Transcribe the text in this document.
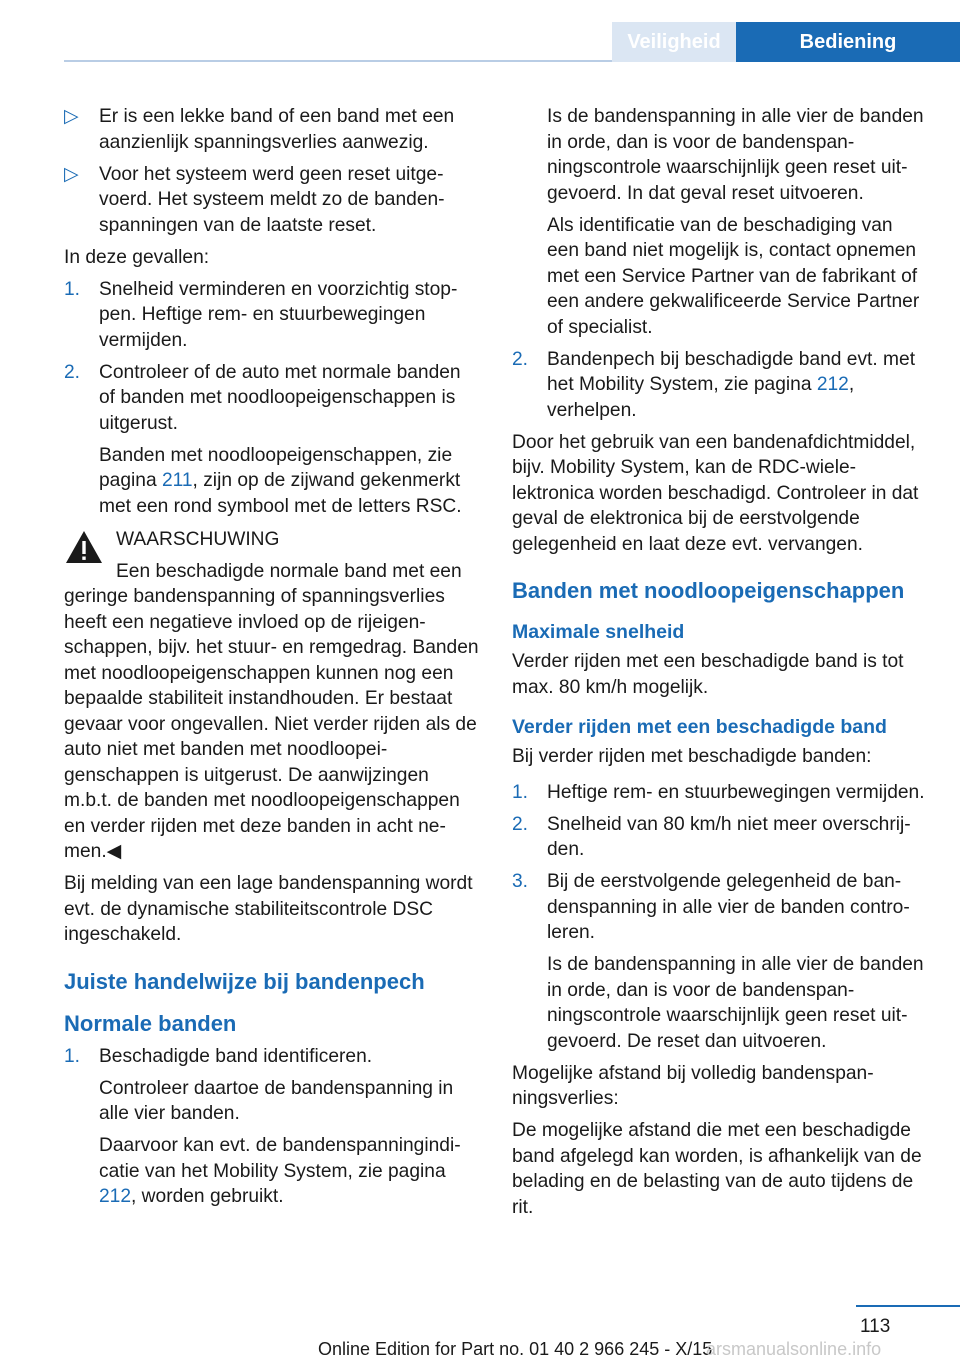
Veiligheid	Bediening
▷ Er is een lekke band of een band met een aanzienlijk spanningsverlies aanwezig.
▷ Voor het systeem werd geen reset uitgevoerd. Het systeem meldt zo de bandenspanningen van de laatste reset.

In deze gevallen:

1. Snelheid verminderen en voorzichtig stoppen. Heftige rem- en stuurbewegingen vermijden.
2. Controleer of de auto met normale banden of banden met noodloopeigenschappen is uitgerust.
Banden met noodloopeigenschappen, zie pagina 211, zijn op de zijwand gekenmerkt met een rond symbool met de letters RSC.
WAARSCHUWING
Een beschadigde normale band met een geringe bandenspanning of spanningsverlies heeft een negatieve invloed op de rijeigenschappen, bijv. het stuur- en remgedrag. Banden met noodloopeigenschappen kunnen nog een bepaalde stabiliteit instandhouden. Er bestaat gevaar voor ongevallen. Niet verder rijden als de auto niet met banden met noodloopeigenschappen is uitgerust. De aanwijzingen m.b.t. de banden met noodloopeigenschappen en verder rijden met deze banden in acht nemen.◀

Bij melding van een lage bandenspanning wordt evt. de dynamische stabiliteitscontrole DSC ingeschakeld.

Juiste handelwijze bij bandenpech
Normale banden
1. Beschadigde band identificeren.
Controleer daartoe de bandenspanning in alle vier banden.
Daarvoor kan evt. de bandenspanningindicatie van het Mobility System, zie pagina 212, worden gebruikt.
Is de bandenspanning in alle vier de banden in orde, dan is voor de bandenspanningscontrole waarschijnlijk geen reset uitgevoerd. In dat geval reset uitvoeren.
Als identificatie van de beschadiging van een band niet mogelijk is, contact opnemen met een Service Partner van de fabrikant of een andere gekwalificeerde Service Partner of specialist.
2. Bandenpech bij beschadigde band evt. met het Mobility System, zie pagina 212, verhelpen.

Door het gebruik van een bandenafdichtmiddel, bijv. Mobility System, kan de RDC-wielelektronica worden beschadigd. Controleer in dat geval de elektronica bij de eerstvolgende gelegenheid en laat deze evt. vervangen.

Banden met noodloopeigenschappen
Maximale snelheid

Verder rijden met een beschadigde band is tot max. 80 km/h mogelijk.

Verder rijden met een beschadigde band

Bij verder rijden met beschadigde banden:

1. Heftige rem- en stuurbewegingen vermijden.
2. Snelheid van 80 km/h niet meer overschrijden.
3. Bij de eerstvolgende gelegenheid de bandenspanning in alle vier de banden controleren.
Is de bandenspanning in alle vier de banden in orde, dan is voor de bandenspanningscontrole waarschijnlijk geen reset uitgevoerd. De reset dan uitvoeren.

Mogelijke afstand bij volledig bandenspanningsverlies:

De mogelijke afstand die met een beschadigde band afgelegd kan worden, is afhankelijk van de belading en de belasting van de auto tijdens de rit.

113
Online Edition for Part no. 01 40 2 966 245 - X/15
arsmanualsonline.info
